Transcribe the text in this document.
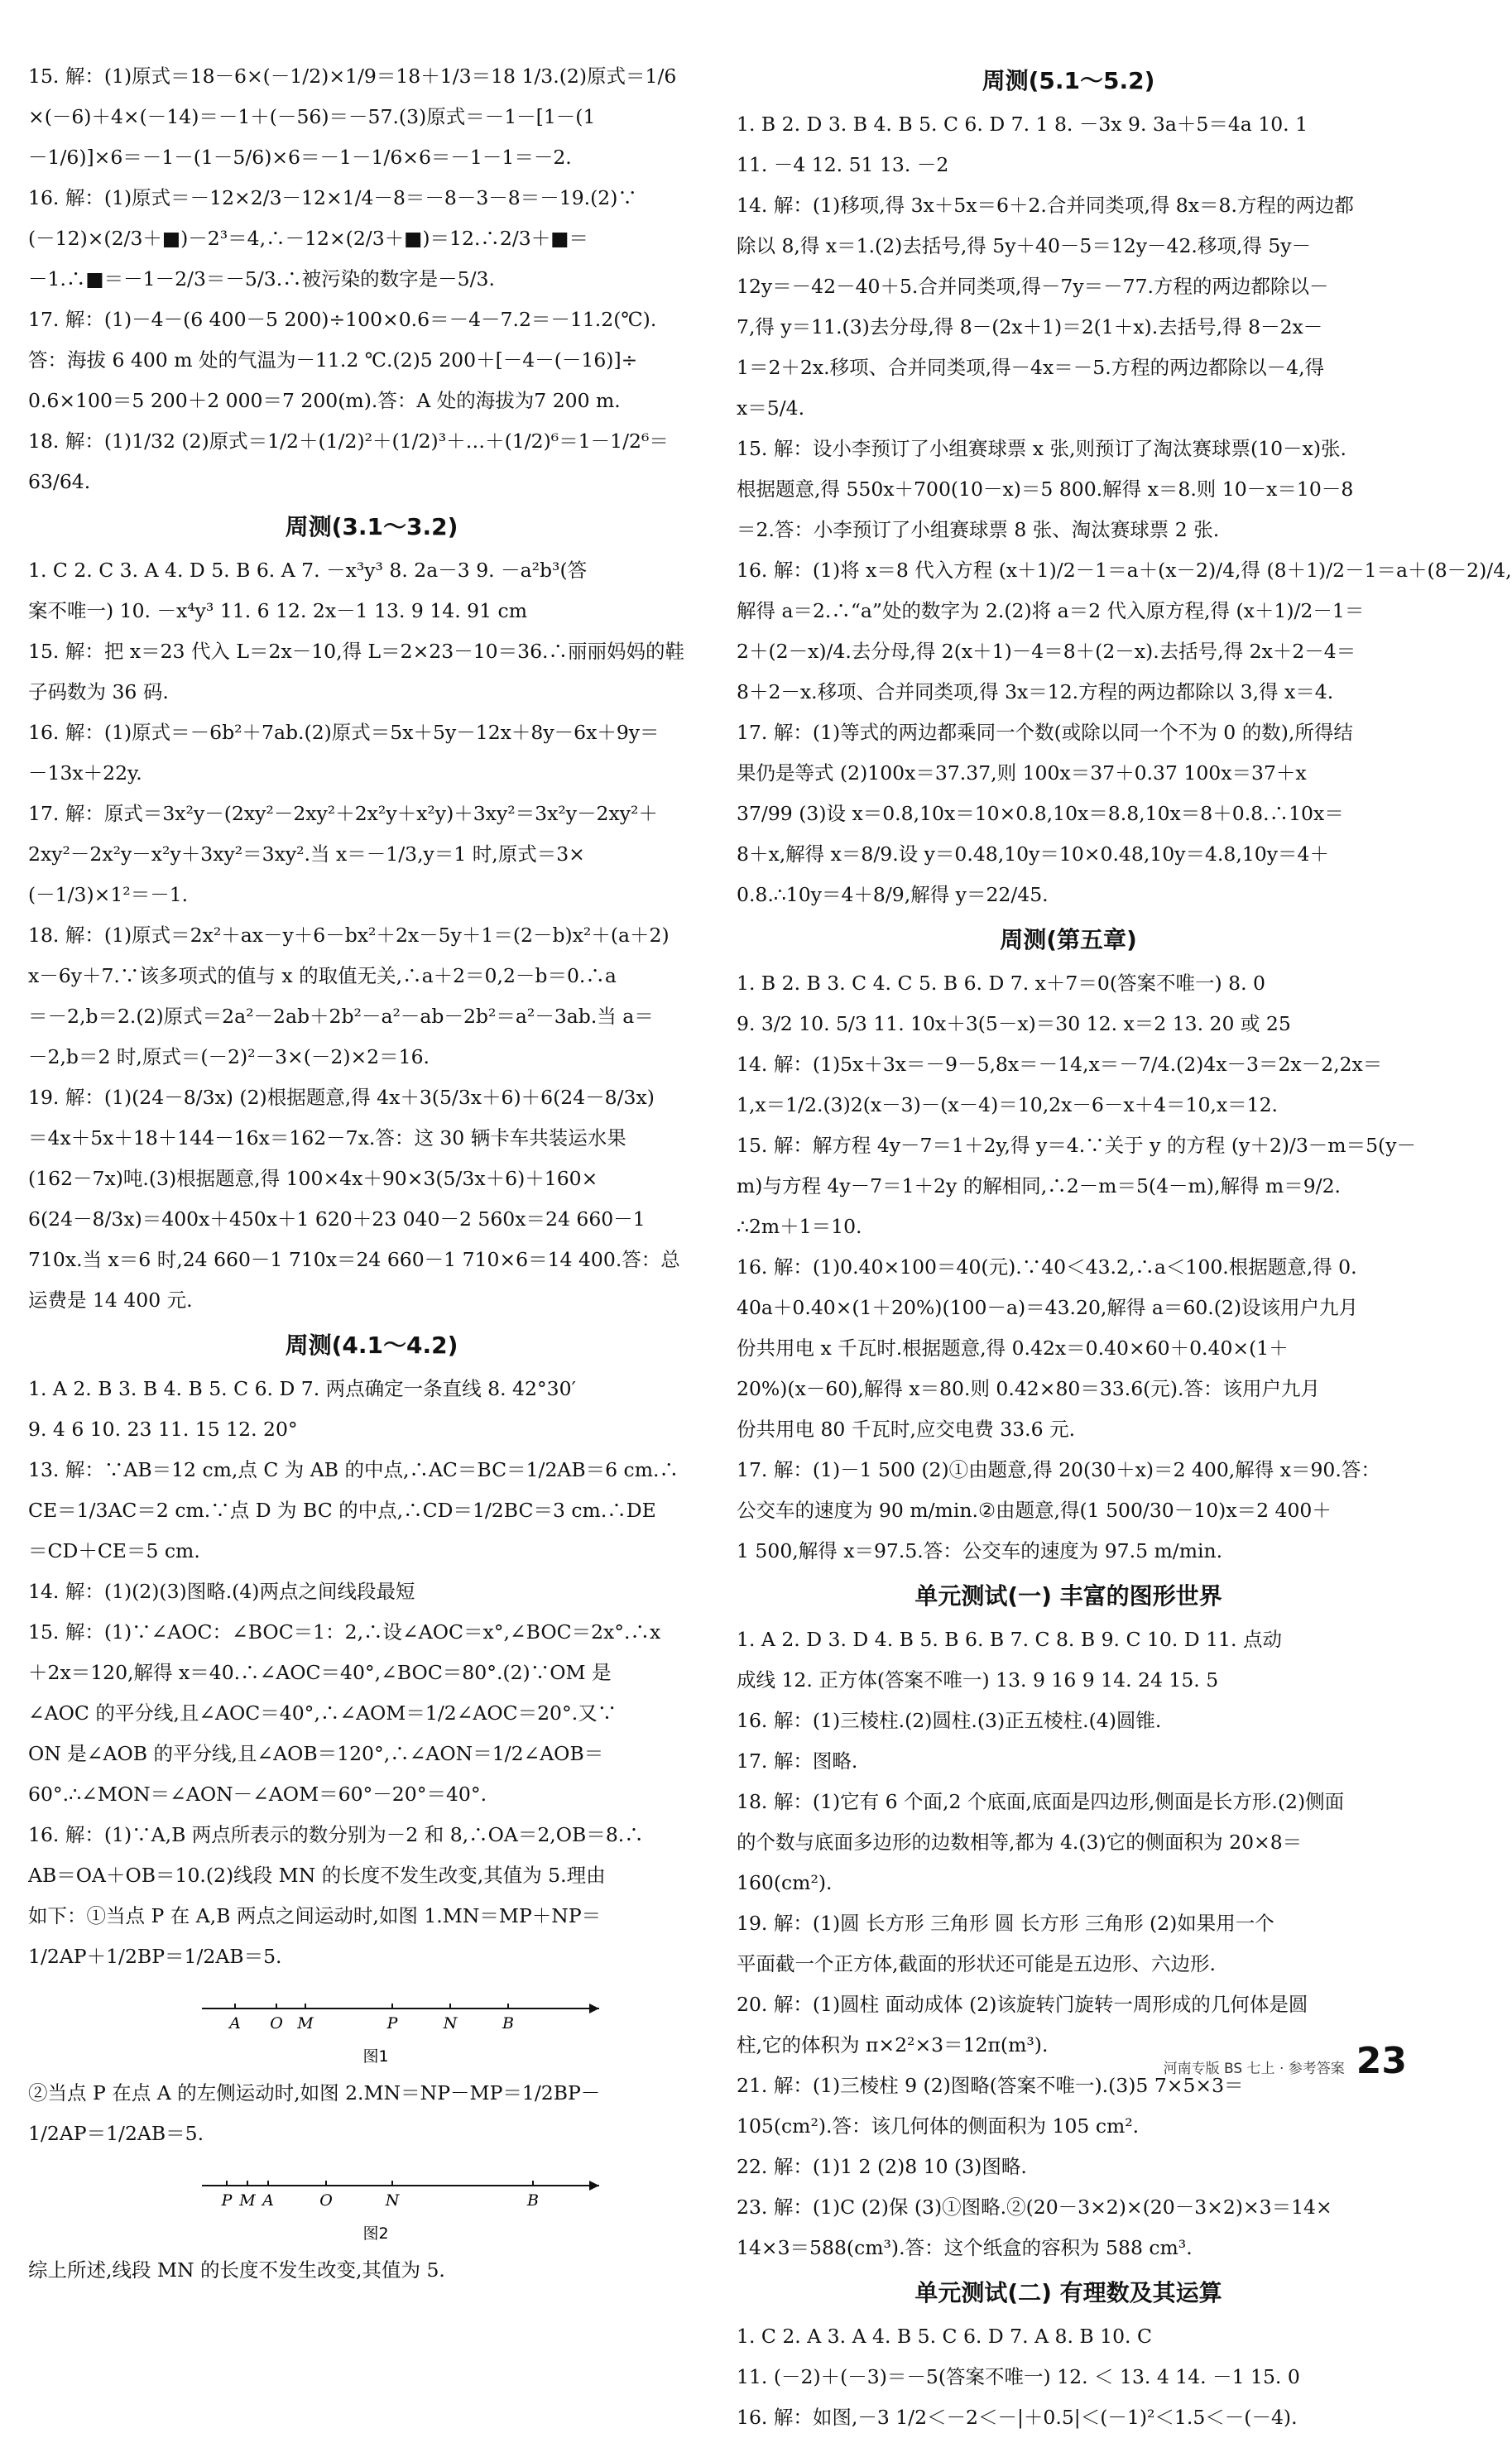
15. 解：(1)原式＝18－6×(－1/2)×1/9＝18＋1/3＝18 1/3.(2)原式＝1/6
×(－6)＋4×(－14)＝－1＋(－56)＝－57.(3)原式＝－1－[1－(1
－1/6)]×6＝－1－(1－5/6)×6＝－1－1/6×6＝－1－1＝－2.
16. 解：(1)原式＝－12×2/3－12×1/4－8＝－8－3－8＝－19.(2)∵
(－12)×(2/3＋■)－2³＝4,∴－12×(2/3＋■)＝12.∴2/3＋■＝
－1.∴■＝－1－2/3＝－5/3.∴被污染的数字是－5/3.
17. 解：(1)－4－(6 400－5 200)÷100×0.6＝－4－7.2＝－11.2(℃).
答：海拔 6 400 m 处的气温为－11.2 ℃.(2)5 200＋[－4－(－16)]÷
0.6×100＝5 200＋2 000＝7 200(m).答：A 处的海拔为7 200 m.
18. 解：(1)1/32 (2)原式＝1/2＋(1/2)²＋(1/2)³＋…＋(1/2)⁶＝1－1/2⁶＝
63/64.
周测(3.1～3.2)
1. C 2. C 3. A 4. D 5. B 6. A 7. －x³y³ 8. 2a－3 9. －a²b³(答
案不唯一) 10. －x⁴y³ 11. 6 12. 2x－1 13. 9 14. 91 cm
15. 解：把 x＝23 代入 L＝2x－10,得 L＝2×23－10＝36.∴丽丽妈妈的鞋
子码数为 36 码.
16. 解：(1)原式＝－6b²＋7ab.(2)原式＝5x＋5y－12x＋8y－6x＋9y＝
－13x＋22y.
17. 解：原式＝3x²y－(2xy²－2xy²＋2x²y＋x²y)＋3xy²＝3x²y－2xy²＋
2xy²－2x²y－x²y＋3xy²＝3xy².当 x＝－1/3,y＝1 时,原式＝3×
(－1/3)×1²＝－1.
18. 解：(1)原式＝2x²＋ax－y＋6－bx²＋2x－5y＋1＝(2－b)x²＋(a＋2)
x－6y＋7.∵该多项式的值与 x 的取值无关,∴a＋2＝0,2－b＝0.∴a
＝－2,b＝2.(2)原式＝2a²－2ab＋2b²－a²－ab－2b²＝a²－3ab.当 a＝
－2,b＝2 时,原式＝(－2)²－3×(－2)×2＝16.
19. 解：(1)(24－8/3x) (2)根据题意,得 4x＋3(5/3x＋6)＋6(24－8/3x)
＝4x＋5x＋18＋144－16x＝162－7x.答：这 30 辆卡车共装运水果
(162－7x)吨.(3)根据题意,得 100×4x＋90×3(5/3x＋6)＋160×
6(24－8/3x)＝400x＋450x＋1 620＋23 040－2 560x＝24 660－1
710x.当 x＝6 时,24 660－1 710x＝24 660－1 710×6＝14 400.答：总
运费是 14 400 元.
周测(4.1～4.2)
1. A 2. B 3. B 4. B 5. C 6. D 7. 两点确定一条直线 8. 42°30′
9. 4 6 10. 23 11. 15 12. 20°
13. 解：∵AB＝12 cm,点 C 为 AB 的中点,∴AC＝BC＝1/2AB＝6 cm.∴
CE＝1/3AC＝2 cm.∵点 D 为 BC 的中点,∴CD＝1/2BC＝3 cm.∴DE
＝CD＋CE＝5 cm.
14. 解：(1)(2)(3)图略.(4)两点之间线段最短
15. 解：(1)∵∠AOC：∠BOC＝1：2,∴设∠AOC＝x°,∠BOC＝2x°.∴x
＋2x＝120,解得 x＝40.∴∠AOC＝40°,∠BOC＝80°.(2)∵OM 是
∠AOC 的平分线,且∠AOC＝40°,∴∠AOM＝1/2∠AOC＝20°.又∵
ON 是∠AOB 的平分线,且∠AOB＝120°,∴∠AON＝1/2∠AOB＝
60°.∴∠MON＝∠AON－∠AOM＝60°－20°＝40°.
16. 解：(1)∵A,B 两点所表示的数分别为－2 和 8,∴OA＝2,OB＝8.∴
AB＝OA＋OB＝10.(2)线段 MN 的长度不发生改变,其值为 5.理由
如下：①当点 P 在 A,B 两点之间运动时,如图 1.MN＝MP＋NP＝
1/2AP＋1/2BP＝1/2AB＝5.
A O M	P	N	B
图1
②当点 P 在点 A 的左侧运动时,如图 2.MN＝NP－MP＝1/2BP－
1/2AP＝1/2AB＝5.
P M A	O	N	B
图2
综上所述,线段 MN 的长度不发生改变,其值为 5.
周测(5.1～5.2)
1. B 2. D 3. B 4. B 5. C 6. D 7. 1 8. －3x 9. 3a＋5＝4a 10. 1
11. －4 12. 51 13. －2
14. 解：(1)移项,得 3x＋5x＝6＋2.合并同类项,得 8x＝8.方程的两边都
除以 8,得 x＝1.(2)去括号,得 5y＋40－5＝12y－42.移项,得 5y－
12y＝－42－40＋5.合并同类项,得－7y＝－77.方程的两边都除以－
7,得 y＝11.(3)去分母,得 8－(2x＋1)＝2(1＋x).去括号,得 8－2x－
1＝2＋2x.移项、合并同类项,得－4x＝－5.方程的两边都除以－4,得
x＝5/4.
15. 解：设小李预订了小组赛球票 x 张,则预订了淘汰赛球票(10－x)张.
根据题意,得 550x＋700(10－x)＝5 800.解得 x＝8.则 10－x＝10－8
＝2.答：小李预订了小组赛球票 8 张、淘汰赛球票 2 张.
16. 解：(1)将 x＝8 代入方程 (x＋1)/2－1＝a＋(x－2)/4,得 (8＋1)/2－1＝a＋(8－2)/4,
解得 a＝2.∴“a”处的数字为 2.(2)将 a＝2 代入原方程,得 (x＋1)/2－1＝
2＋(2－x)/4.去分母,得 2(x＋1)－4＝8＋(2－x).去括号,得 2x＋2－4＝
8＋2－x.移项、合并同类项,得 3x＝12.方程的两边都除以 3,得 x＝4.
17. 解：(1)等式的两边都乘同一个数(或除以同一个不为 0 的数),所得结
果仍是等式 (2)100x＝37.37,则 100x＝37＋0.37 100x＝37＋x
37/99 (3)设 x＝0.8,10x＝10×0.8,10x＝8.8,10x＝8＋0.8.∴10x＝
8＋x,解得 x＝8/9.设 y＝0.48,10y＝10×0.48,10y＝4.8,10y＝4＋
0.8.∴10y＝4＋8/9,解得 y＝22/45.
周测(第五章)
1. B 2. B 3. C 4. C 5. B 6. D 7. x＋7＝0(答案不唯一) 8. 0
9. 3/2 10. 5/3 11. 10x＋3(5－x)＝30 12. x＝2 13. 20 或 25
14. 解：(1)5x＋3x＝－9－5,8x＝－14,x＝－7/4.(2)4x－3＝2x－2,2x＝
1,x＝1/2.(3)2(x－3)－(x－4)＝10,2x－6－x＋4＝10,x＝12.
15. 解：解方程 4y－7＝1＋2y,得 y＝4.∵关于 y 的方程 (y＋2)/3－m＝5(y－
m)与方程 4y－7＝1＋2y 的解相同,∴2－m＝5(4－m),解得 m＝9/2.
∴2m＋1＝10.
16. 解：(1)0.40×100＝40(元).∵40＜43.2,∴a＜100.根据题意,得 0.
40a＋0.40×(1＋20%)(100－a)＝43.20,解得 a＝60.(2)设该用户九月
份共用电 x 千瓦时.根据题意,得 0.42x＝0.40×60＋0.40×(1＋
20%)(x－60),解得 x＝80.则 0.42×80＝33.6(元).答：该用户九月
份共用电 80 千瓦时,应交电费 33.6 元.
17. 解：(1)－1 500 (2)①由题意,得 20(30＋x)＝2 400,解得 x＝90.答：
公交车的速度为 90 m/min.②由题意,得(1 500/30－10)x＝2 400＋
1 500,解得 x＝97.5.答：公交车的速度为 97.5 m/min.
单元测试(一) 丰富的图形世界
1. A 2. D 3. D 4. B 5. B 6. B 7. C 8. B 9. C 10. D 11. 点动
成线 12. 正方体(答案不唯一) 13. 9 16 9 14. 24 15. 5
16. 解：(1)三棱柱.(2)圆柱.(3)正五棱柱.(4)圆锥.
17. 解：图略.
18. 解：(1)它有 6 个面,2 个底面,底面是四边形,侧面是长方形.(2)侧面
的个数与底面多边形的边数相等,都为 4.(3)它的侧面积为 20×8＝
160(cm²).
19. 解：(1)圆 长方形 三角形 圆 长方形 三角形 (2)如果用一个
平面截一个正方体,截面的形状还可能是五边形、六边形.
20. 解：(1)圆柱 面动成体 (2)该旋转门旋转一周形成的几何体是圆
柱,它的体积为 π×2²×3＝12π(m³).
21. 解：(1)三棱柱 9 (2)图略(答案不唯一).(3)5 7×5×3＝
105(cm²).答：该几何体的侧面积为 105 cm².
22. 解：(1)1 2 (2)8 10 (3)图略.
23. 解：(1)C (2)保 (3)①图略.②(20－3×2)×(20－3×2)×3＝14×
14×3＝588(cm³).答：这个纸盒的容积为 588 cm³.
单元测试(二) 有理数及其运算
1. C 2. A 3. A 4. B 5. C 6. D 7. A 8. B 10. C
11. (－2)＋(－3)＝－5(答案不唯一) 12. ＜ 13. 4 14. －1 15. 0
16. 解：如图,－3 1/2＜－2＜－|＋0.5|＜(－1)²＜1.5＜－(－4).
河南专版 BS 七上 · 参考答案 23
